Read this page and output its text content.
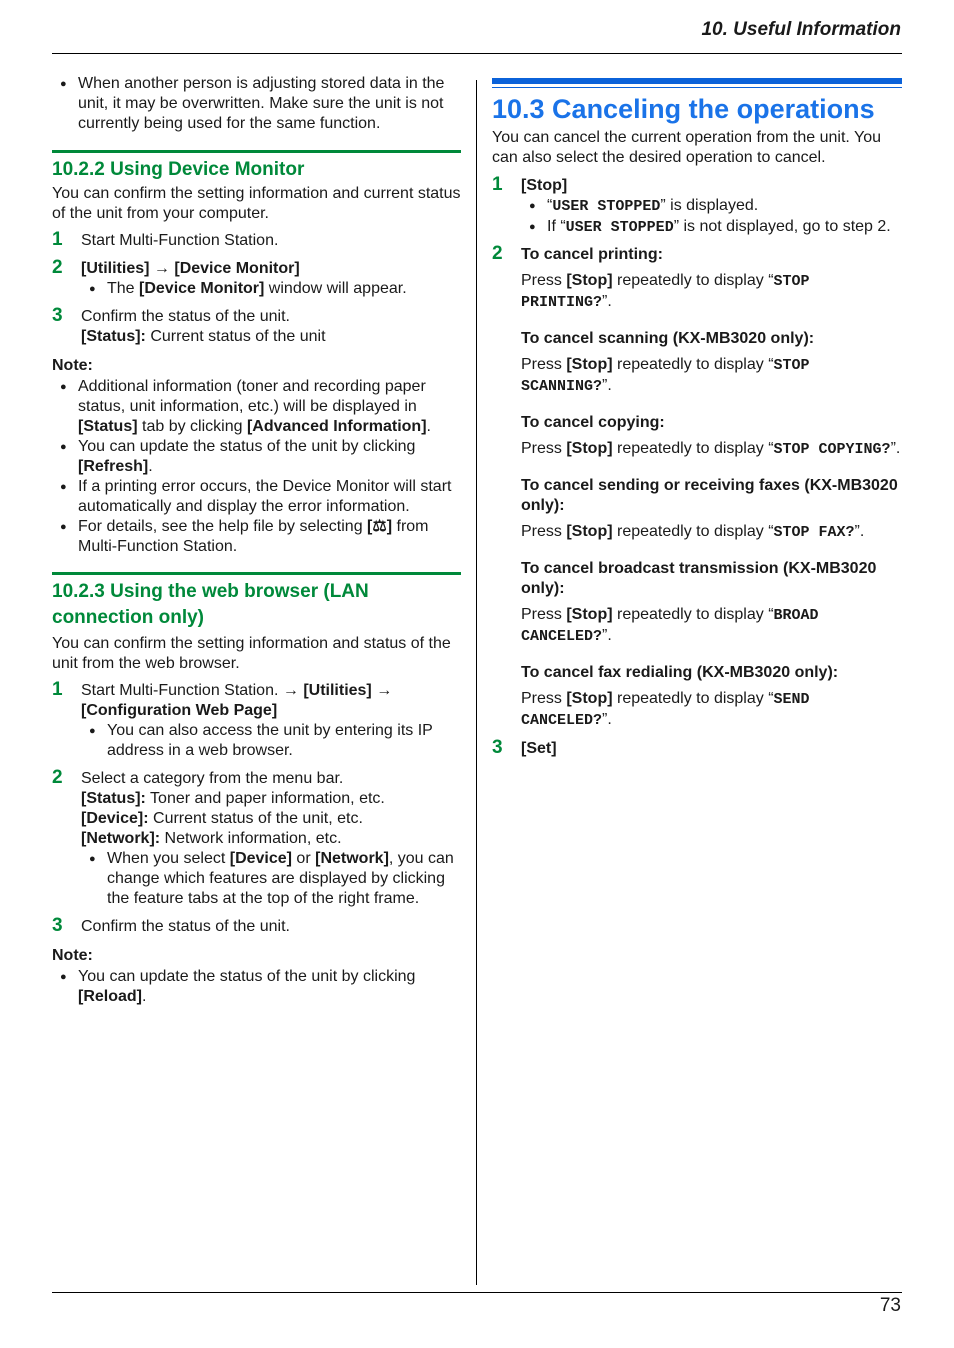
10. Useful Information

● When another person is adjusting stored data in the unit, it may be overwritten. Make sure the unit is not currently being used for the same function.

10.2.2 Using Device Monitor

You can confirm the setting information and current status of the unit from your computer.

1 Start Multi-Function Station.
2 [Utilities] → [Device Monitor]

● The [Device Monitor] window will appear.

3 Confirm the status of the unit.

[Status]: Current status of the unit

Note:

● Additional information (toner and recording paper status, unit information, etc.) will be displayed in [Status] tab by clicking [Advanced Information].

● You can update the status of the unit by clicking [Refresh].

● If a printing error occurs, the Device Monitor will start automatically and display the error information.

● For details, see the help file by selecting [⚖] from Multi-Function Station.

10.2.3 Using the web browser (LAN connection only)

You can confirm the setting information and status of the unit from the web browser.

1 Start Multi-Function Station. → [Utilities] → [Configuration Web Page]

● You can also access the unit by entering its IP address in a web browser.

2 Select a category from the menu bar.

[Status]: Toner and paper information, etc.

[Device]: Current status of the unit, etc.

[Network]: Network information, etc.

● When you select [Device] or [Network], you can change which features are displayed by clicking the feature tabs at the top of the right frame.

3 Confirm the status of the unit.

Note:

● You can update the status of the unit by clicking [Reload].

10.3 Canceling the operations

You can cancel the current operation from the unit. You can also select the desired operation to cancel.

1 [Stop]

● “USER STOPPED” is displayed.

● If “USER STOPPED” is not displayed, go to step 2.

2 To cancel printing:

Press [Stop] repeatedly to display “STOP PRINTING?”.

To cancel scanning (KX-MB3020 only):

Press [Stop] repeatedly to display “STOP SCANNING?”.

To cancel copying:

Press [Stop] repeatedly to display “STOP COPYING?”.

To cancel sending or receiving faxes (KX-MB3020 only):

Press [Stop] repeatedly to display “STOP FAX?”.

To cancel broadcast transmission (KX-MB3020 only):

Press [Stop] repeatedly to display “BROAD CANCELED?”.

To cancel fax redialing (KX-MB3020 only):

Press [Stop] repeatedly to display “SEND CANCELED?”.

3 [Set]

73
